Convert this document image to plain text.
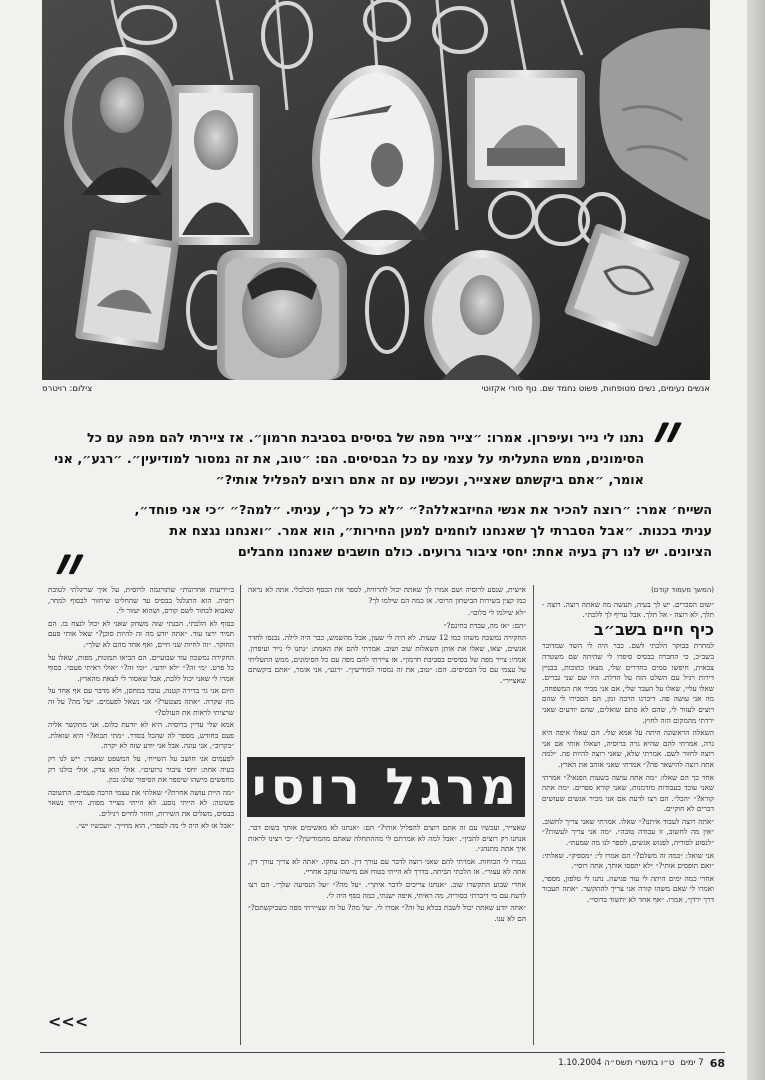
אנשים נעימים, נשים מטופחות, פשוט נחמד שם. נוף סורי אקזוטי
צילום: רויטרס
״
נתנו לי נייר ועיפרון. אמרו: ״צייר מפה של בסיסים בסביבת חרמון״. אז ציירתי להם מפה עם כל הסימונים, ממש התעליתי על עצמי עם כל הבסיסים. הם: ״טוב, את זה נמסור למודיעין״. ״רגע״, אני אומר, ״אתם ביקשתם שאצייר, ועכשיו עם זה אתם רוצים להפליל אותי?״
השייח׳ אמר: ״רוצה להכיר את אנשי החיזבאללה?״ ״לא כל כך״, עניתי. ״למה?״ ״כי אני פוחד״, עניתי בכנות. ״אבל הסברתי לך שאנחנו לוחמים למען החירות״, הוא אמר. ״ואנחנו נגצח את הציונים. יש לנו רק בעיה אחת: יחסי ציבור גרועים. כולם חושבים שאנחנו מחבלים
״	(המשך מעמוד קודם)

״שום הסברים. יש לך בעיה, תעשה מה שאתה רוצה. רוצה - תלך, לא רוצה - אל תלך. אבל עדיף לך ללכת״.

כיף חיים בשב״ב

למחרת בבוקר הלכתי לשם. כבר היה לי השד שמדובר בשב״כ, כי החברה בבסיס סיפרו לי שהיתה שם משטרה צבאית, חיפשו סמים בחדרים שלי, מצאו כתובות, בבניין דירות רגיל עם השלט הזה על הדלת. היו שם שני גברים. שאלו עליי, שאלו על העבר שלי, אם אני מכיר את המשפחה, מה אני עושה פה. דיברנו הרבה זמן, הם הסבירו לי שהם רוצים לעזור לי, שהם לא סתם שואלים, שהם יודעים שאני ירדתי מהמקום הזה לחוץ.

השאלה הראשונה היתה על אמא שלי. הם שאלו איפה היא גרה, אמרתי להם שהיא גרה ברוסיה, ושאלו אותי אם אני רוצה לחזור לשם. אמרתי שלא, שאני רוצה להיות פה. ״למה אתה רוצה להישאר פה?״ אמרתי שאני אוהב את הארץ.

אחר כך הם שאלו: ״מה אתה עושה בשעות הפנאי?״ אמרתי שאני עובד בעבודות מזדמנות, שאני קורא ספרים. ״מה אתה קורא?״ ״הכל״. הם רצו לדעת אם אני מכיר אנשים שעושים דברים לא חוקיים.

״אתה רוצה לעבוד איתנו?״ שאלו. אמרתי שאני צריך לחשוב. ״אין מה לחשוב, זו עבודה טובה״. ״מה אני צריך לעשות?״ ״לנסוע לסוריה, לפגוש אנשים, לספר לנו מה שמעת״.

אני שואל: ״כמה זה משלם?״ הם אמרו לי: ״מספיק״. שאלתי: ״ואם תופסים אותי?״ ״לא יתפסו אותך, אתה רוסי״.

אחרי כמה ימים היתה לי עוד פגישה. נתנו לי טלפון, מספר, ואמרו לי שאם משהו קורה אני צריך להתקשר. ״אתה תעבור דרך ירדן״, אמרו. ״אף אחד לא יחשוד ברוסי״.

אישית, שנסע לרוסיה ושם אמרו לך שאתה יכול להרוויח, לספר את הכסף הכלכלי. אתה לא נראה כמו קצין בשירות הביטחון הרוסי. אז כמה הם שילמו לך?

״לא שילמו לי כלום״.

״הם: ״אז מה, עבדת בחינם?״

החקירה נמשכה משהו כמו 12 שעות. לא היה לי שעון, אבל מהשמש, כבר היה לילה. נכנסו לחדר אנשים, יצאו, שאלו את אותן השאלות שוב ושוב. אמרתי להם את האמת: ״נתנו לי נייר ועיפרון. אמרו: צייר מפה של בסיסים בסביבת חרמון״. אז ציירתי להם מפה עם כל הסימונים, ממש התעליתי על עצמי עם כל הבסיסים. הם: ״טוב, את זה נמסור למודיעין״. ״רגע״, אני אומר, ״אתם ביקשתם שאצייר״.

מרגל רוסי

שאצייר, ועכשיו עם זה אתם רוצים להפליל אותי?״ הם: ״אנחנו לא מאשימים אותך בשום דבר. אנחנו רק רוצים להבין״. ״אבל למה לא אמרתם לי מההתחלה שאתם מהמודיעין?״ ״כי רצינו לראות איך אתה מתנהג״.

נגמרו לי הכוחות. אמרתי להם שאני רוצה לדבר עם עורך דין. הם צחקו. ״אתה לא צריך עורך דין, אתה לא עצור״. אז הלכתי הביתה. בדרך לא הייתי בטוח אם מישהו עוקב אחריי.

אחרי שבוע התקשרו שוב. ״אנחנו צריכים לדבר איתך״. ״על מה?״ ״על הנסיעה שלך״. הם רצו לדעת עם מי דיברתי בסוריה, מה ראיתי, איפה ישנתי, כמה כסף היה לי.

״אתה יודע שאתה יכול לשבת בכלא על זה?״ אמרו לי. ״על מה? על זה שציירתי מפה כשביקשתם?״ הם לא ענו.

ב״ידיעות אחרונות״ שתורגמה לרוסית, על איך שריגלתי לטובת רוסיה. הוא התגלגל בבסיס עד שהחליט שיחזור לבסוף למחר, שאבוא לבחור לשם קורס, ושהוא יעזור לי.

בסוף לא הלכתי. הבנתי שזה משחק שאני לא יכול לנצח בו. הם תמיד ירצו עוד. ״אתה יודע מה זה להיות סוכן?״ שאל אותי פעם החוקר. ״זה לחיות שני חיים, ואף אחד מהם לא שלך״.

החקירה נמשכה עוד שבועיים. הם הביאו תמונות, מפות, שאלו על כל פרט. ״מי זה?״ ״לא יודע״. ״ומי זה?״ ״אולי ראיתי פעם״. בסוף אמרו לי שאני יכול ללכת, אבל שאסור לי לצאת מהארץ.

היום אני גר בדירה קטנה, עובד במחסן, ולא מדבר עם אף אחד על מה שקרה. ״אתה מצטער?״ אני נשאל לפעמים. ״על מה? על זה שרציתי לראות את העולם?״

אמא שלי עדיין ברוסיה. היא לא יודעת כלום. אני מתקשר אליה פעם בחודש, מספר לה שהכל בסדר. ״מתי תבוא?״ היא שואלת. ״בקרוב״, אני עונה. אבל אני יודע שזה לא יקרה.

לפעמים אני חושב על השייח׳, על המשפט שאמר: ״יש לנו רק בעיה אחת: יחסי ציבור גרועים״. אולי הוא צדק. אולי כולנו רק מחפשים מישהו שיספר את הסיפור שלנו נכון.

״מה היית עושה אחרת?״ שאלתי את עצמי הרבה פעמים. התשובה פשוטה: לא הייתי נוסע. לא הייתי מצייר מפות. הייתי נשאר בבסיס, משלים את השירות, וחוזר לחיים רגילים.

״אבל אז לא היה לי מה לספר״, הוא מחייך. ״ועכשיו יש״.

<<<
68
7 ימים
ט״ו בתשרי תשס״ה 1.10.2004
